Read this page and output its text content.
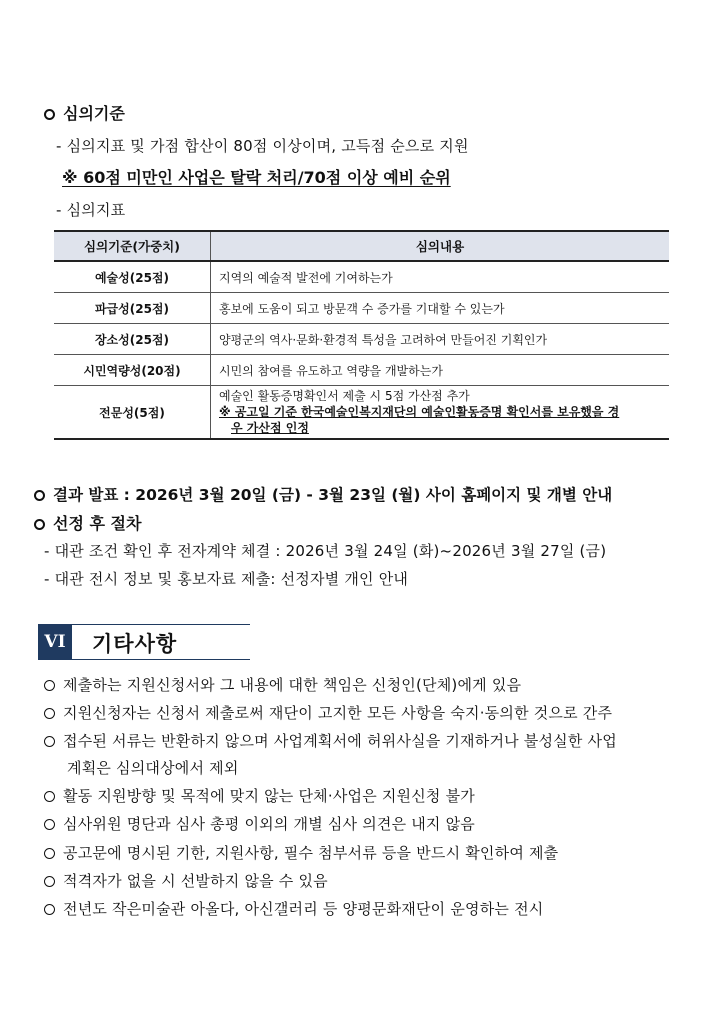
심의기준
- 심의지표 및 가점 합산이 80점 이상이며, 고득점 순으로 지원
※ 60점 미만인 사업은 탈락 처리/70점 이상 예비 순위
- 심의지표
심의기준(가중치)	심의내용
예술성(25점)	지역의 예술적 발전에 기여하는가
파급성(25점)	홍보에 도움이 되고 방문객 수 증가를 기대할 수 있는가
장소성(25점)	양평군의 역사·문화·환경적 특성을 고려하여 만들어진 기획인가
시민역량성(20점)	시민의 참여를 유도하고 역량을 개발하는가
전문성(5점)	예술인 활동증명확인서 제출 시 5점 가산점 추가
※ 공고일 기준 한국예술인복지재단의 예술인활동증명 확인서를 보유했을 경
우 가산점 인정
결과 발표 : 2026년 3월 20일 (금) - 3월 23일 (월) 사이 홈페이지 및 개별 안내
선정 후 절차
- 대관 조건 확인 후 전자계약 체결 : 2026년 3월 24일 (화)~2026년 3월 27일 (금)
- 대관 전시 정보 및 홍보자료 제출: 선정자별 개인 안내
VI	기타사항
제출하는 지원신청서와 그 내용에 대한 책임은 신청인(단체)에게 있음
지원신청자는 신청서 제출로써 재단이 고지한 모든 사항을 숙지·동의한 것으로 간주
접수된 서류는 반환하지 않으며 사업계획서에 허위사실을 기재하거나 불성실한 사업
계획은 심의대상에서 제외
활동 지원방향 및 목적에 맞지 않는 단체·사업은 지원신청 불가
심사위원 명단과 심사 총평 이외의 개별 심사 의견은 내지 않음
공고문에 명시된 기한, 지원사항, 필수 첨부서류 등을 반드시 확인하여 제출
적격자가 없을 시 선발하지 않을 수 있음
전년도 작은미술관 아올다, 아신갤러리 등 양평문화재단이 운영하는 전시
